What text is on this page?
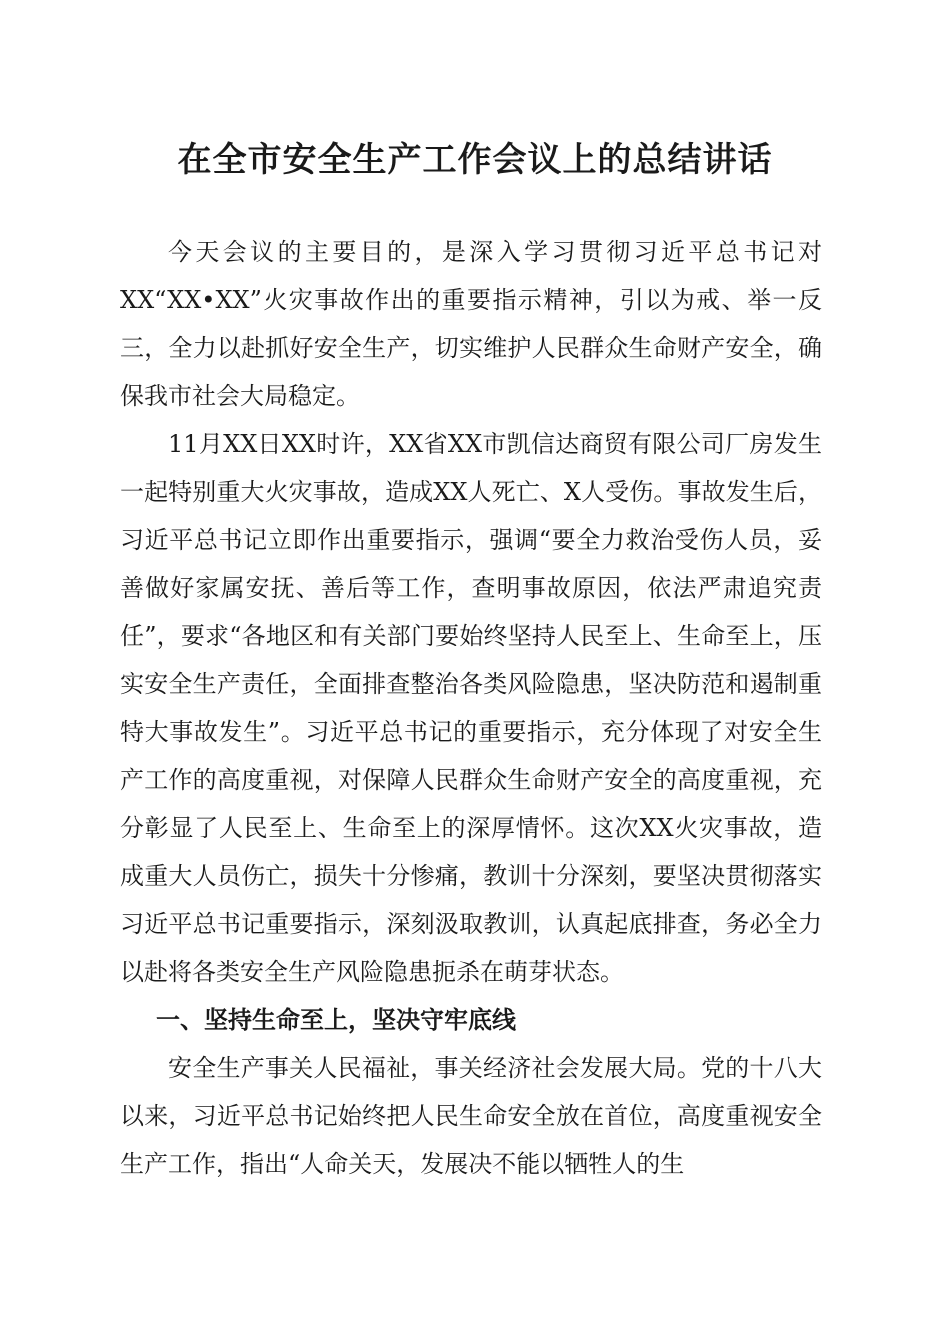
在全市安全生产工作会议上的总结讲话

今天会议的主要目的，是深入学习贯彻习近平总书记对XX“XX•XX”火灾事故作出的重要指示精神，引以为戒、举一反三，全力以赴抓好安全生产，切实维护人民群众生命财产安全，确保我市社会大局稳定。

11月XX日XX时许，XX省XX市凯信达商贸有限公司厂房发生一起特别重大火灾事故，造成XX人死亡、X人受伤。事故发生后，习近平总书记立即作出重要指示，强调“要全力救治受伤人员，妥善做好家属安抚、善后等工作，查明事故原因，依法严肃追究责任”，要求“各地区和有关部门要始终坚持人民至上、生命至上，压实安全生产责任，全面排查整治各类风险隐患，坚决防范和遏制重特大事故发生”。习近平总书记的重要指示，充分体现了对安全生产工作的高度重视，对保障人民群众生命财产安全的高度重视，充分彰显了人民至上、生命至上的深厚情怀。这次XX火灾事故，造成重大人员伤亡，损失十分惨痛，教训十分深刻，要坚决贯彻落实习近平总书记重要指示，深刻汲取教训，认真起底排查，务必全力以赴将各类安全生产风险隐患扼杀在萌芽状态。

一、坚持生命至上，坚决守牢底线

安全生产事关人民福祉，事关经济社会发展大局。党的十八大以来，习近平总书记始终把人民生命安全放在首位，高度重视安全生产工作，指出“人命关天，发展决不能以牺牲人的生
